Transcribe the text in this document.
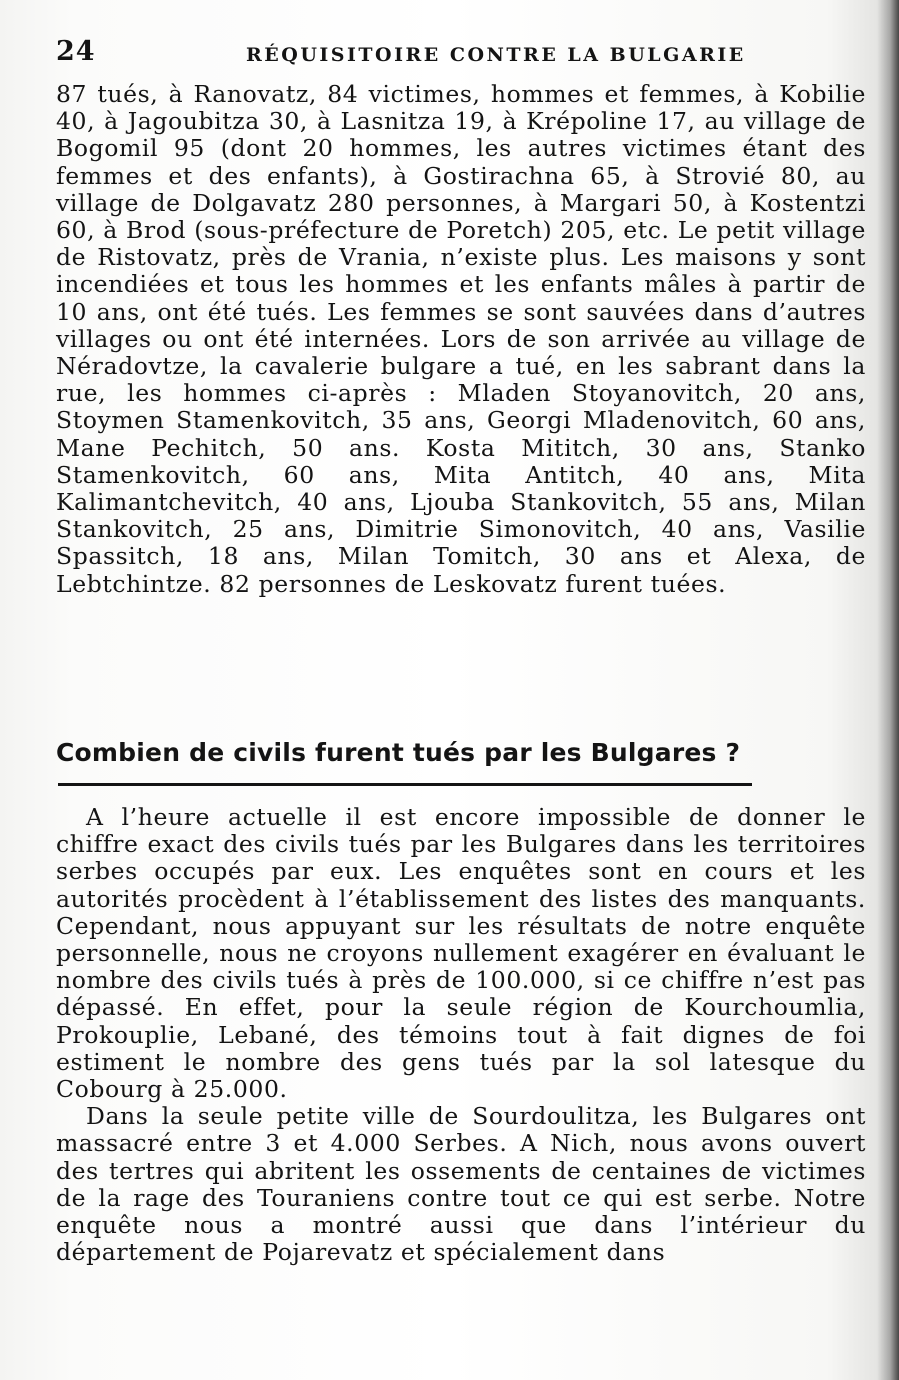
24	RÉQUISITOIRE CONTRE LA BULGARIE

87 tués, à Ranovatz, 84 victimes, hommes et femmes, à Kobilie 40, à Jagoubitza 30, à Lasnitza 19, à Krépoline 17, au village de Bogomil 95 (dont 20 hommes, les autres victimes étant des femmes et des enfants), à Gostirachna 65, à Strovié 80, au village de Dolgavatz 280 personnes, à Margari 50, à Kostentzi 60, à Brod (sous-préfecture de Poretch) 205, etc. Le petit village de Ristovatz, près de Vrania, n’existe plus. Les maisons y sont incendiées et tous les hommes et les enfants mâles à partir de 10 ans, ont été tués. Les femmes se sont sauvées dans d’autres villages ou ont été internées. Lors de son arrivée au village de Néradovtze, la cavalerie bulgare a tué, en les sabrant dans la rue, les hommes ci-après : Mladen Stoyanovitch, 20 ans, Stoymen Stamenkovitch, 35 ans, Georgi Mladenovitch, 60 ans, Mane Pechitch, 50 ans. Kosta Mititch, 30 ans, Stanko Stamenkovitch, 60 ans, Mita Antitch, 40 ans, Mita Kalimantchevitch, 40 ans, Ljouba Stankovitch, 55 ans, Milan Stankovitch, 25 ans, Dimitrie Simonovitch, 40 ans, Vasilie Spassitch, 18 ans, Milan Tomitch, 30 ans et Alexa, de Lebtchintze. 82 personnes de Leskovatz furent tuées.

Combien de civils furent tués par les Bulgares ?

A l’heure actuelle il est encore impossible de donner le chiffre exact des civils tués par les Bulgares dans les territoires serbes occupés par eux. Les enquêtes sont en cours et les autorités procèdent à l’établissement des listes des manquants. Cependant, nous appuyant sur les résultats de notre enquête personnelle, nous ne croyons nullement exagérer en évaluant le nombre des civils tués à près de 100.000, si ce chiffre n’est pas dépassé. En effet, pour la seule région de Kourchoumlia, Prokouplie, Lebané, des témoins tout à fait dignes de foi estiment le nombre des gens tués par la sol latesque du Cobourg à 25.000.

Dans la seule petite ville de Sourdoulitza, les Bulgares ont massacré entre 3 et 4.000 Serbes. A Nich, nous avons ouvert des tertres qui abritent les ossements de centaines de victimes de la rage des Touraniens contre tout ce qui est serbe. Notre enquête nous a montré aussi que dans l’intérieur du département de Pojarevatz et spécialement dans
